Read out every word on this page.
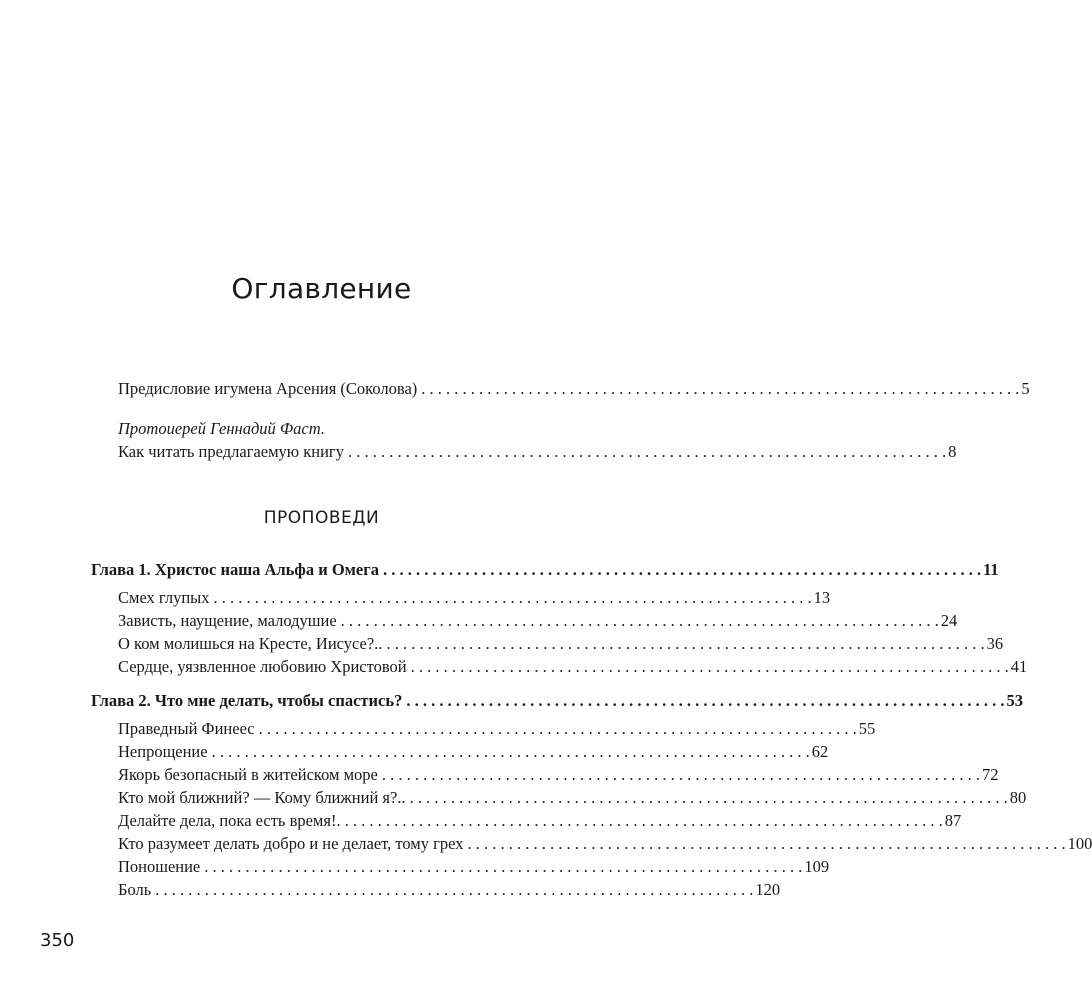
Оглавление
Предисловие игумена Арсения (Соколова) . . .	5
Протоиерей Геннадий Фаст.
Как читать предлагаемую книгу . . .	8
ПРОПОВЕДИ
Глава 1. Христос наша Альфа и Омега . . .	11
Смех глупых . . .	13
Зависть, наущение, малодушие . . .	24
О ком молишься на Кресте, Иисусе?.. . . .	36
Сердце, уязвленное любовию Христовой . . .	41
Глава 2. Что мне делать, чтобы спастись? . . .	53
Праведный Финеес . . .	55
Непрощение . . .	62
Якорь безопасный в житейском море . . .	72
Кто мой ближний? — Кому ближний я?.. . . .	80
Делайте дела, пока есть время!. . . .	87
Кто разумеет делать добро и не делает, тому грех . . .	100
Поношение . . .	109
Боль . . .	120
350
